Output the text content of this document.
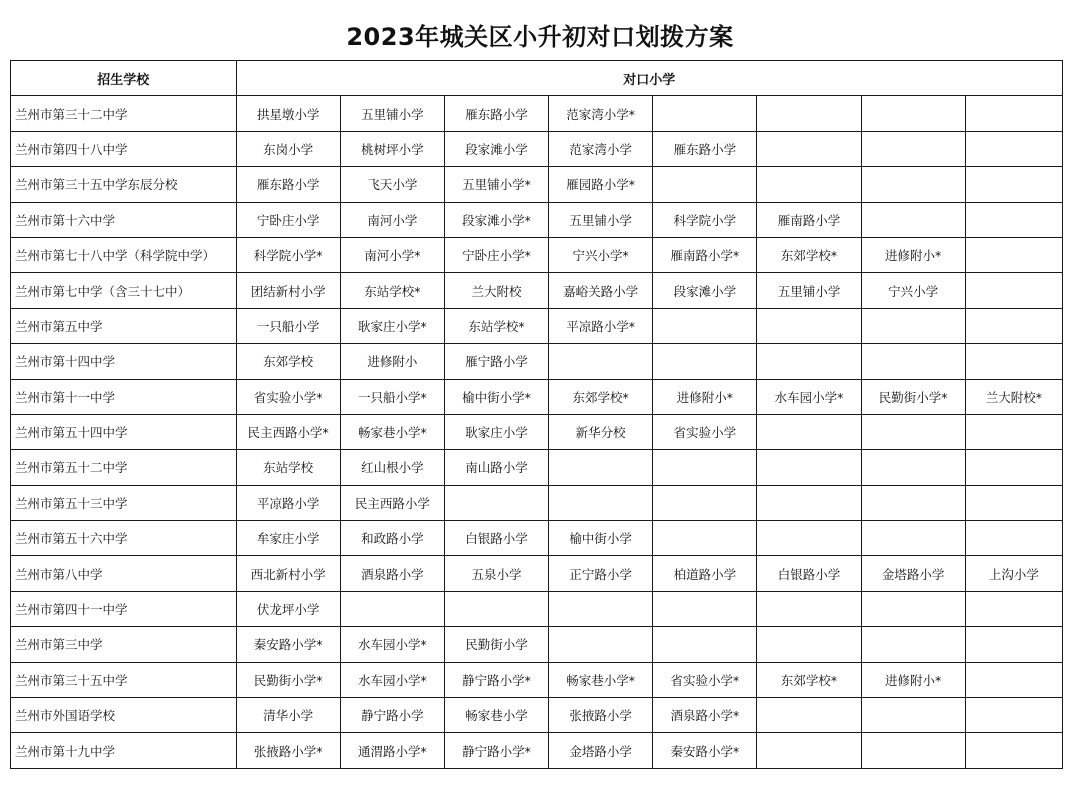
2023年城关区小升初对口划拨方案
招生学校	对口小学							
兰州市第三十二中学	拱星墩小学	五里铺小学	雁东路小学	范家湾小学*				
兰州市第四十八中学	东岗小学	桃树坪小学	段家滩小学	范家湾小学	雁东路小学			
兰州市第三十五中学东辰分校	雁东路小学	飞天小学	五里铺小学*	雁园路小学*				
兰州市第十六中学	宁卧庄小学	南河小学	段家滩小学*	五里铺小学	科学院小学	雁南路小学		
兰州市第七十八中学（科学院中学）	科学院小学*	南河小学*	宁卧庄小学*	宁兴小学*	雁南路小学*	东郊学校*	进修附小*	
兰州市第七中学（含三十七中）	团结新村小学	东站学校*	兰大附校	嘉峪关路小学	段家滩小学	五里铺小学	宁兴小学	
兰州市第五中学	一只船小学	耿家庄小学*	东站学校*	平凉路小学*				
兰州市第十四中学	东郊学校	进修附小	雁宁路小学					
兰州市第十一中学	省实验小学*	一只船小学*	榆中街小学*	东郊学校*	进修附小*	水车园小学*	民勤街小学*	兰大附校*
兰州市第五十四中学	民主西路小学*	畅家巷小学*	耿家庄小学	新华分校	省实验小学			
兰州市第五十二中学	东站学校	红山根小学	南山路小学					
兰州市第五十三中学	平凉路小学	民主西路小学						
兰州市第五十六中学	牟家庄小学	和政路小学	白银路小学	榆中街小学				
兰州市第八中学	西北新村小学	酒泉路小学	五泉小学	正宁路小学	柏道路小学	白银路小学	金塔路小学	上沟小学
兰州市第四十一中学	伏龙坪小学							
兰州市第三中学	秦安路小学*	水车园小学*	民勤街小学					
兰州市第三十五中学	民勤街小学*	水车园小学*	静宁路小学*	畅家巷小学*	省实验小学*	东郊学校*	进修附小*	
兰州市外国语学校	清华小学	静宁路小学	畅家巷小学	张掖路小学	酒泉路小学*			
兰州市第十九中学	张掖路小学*	通渭路小学*	静宁路小学*	金塔路小学	秦安路小学*			
